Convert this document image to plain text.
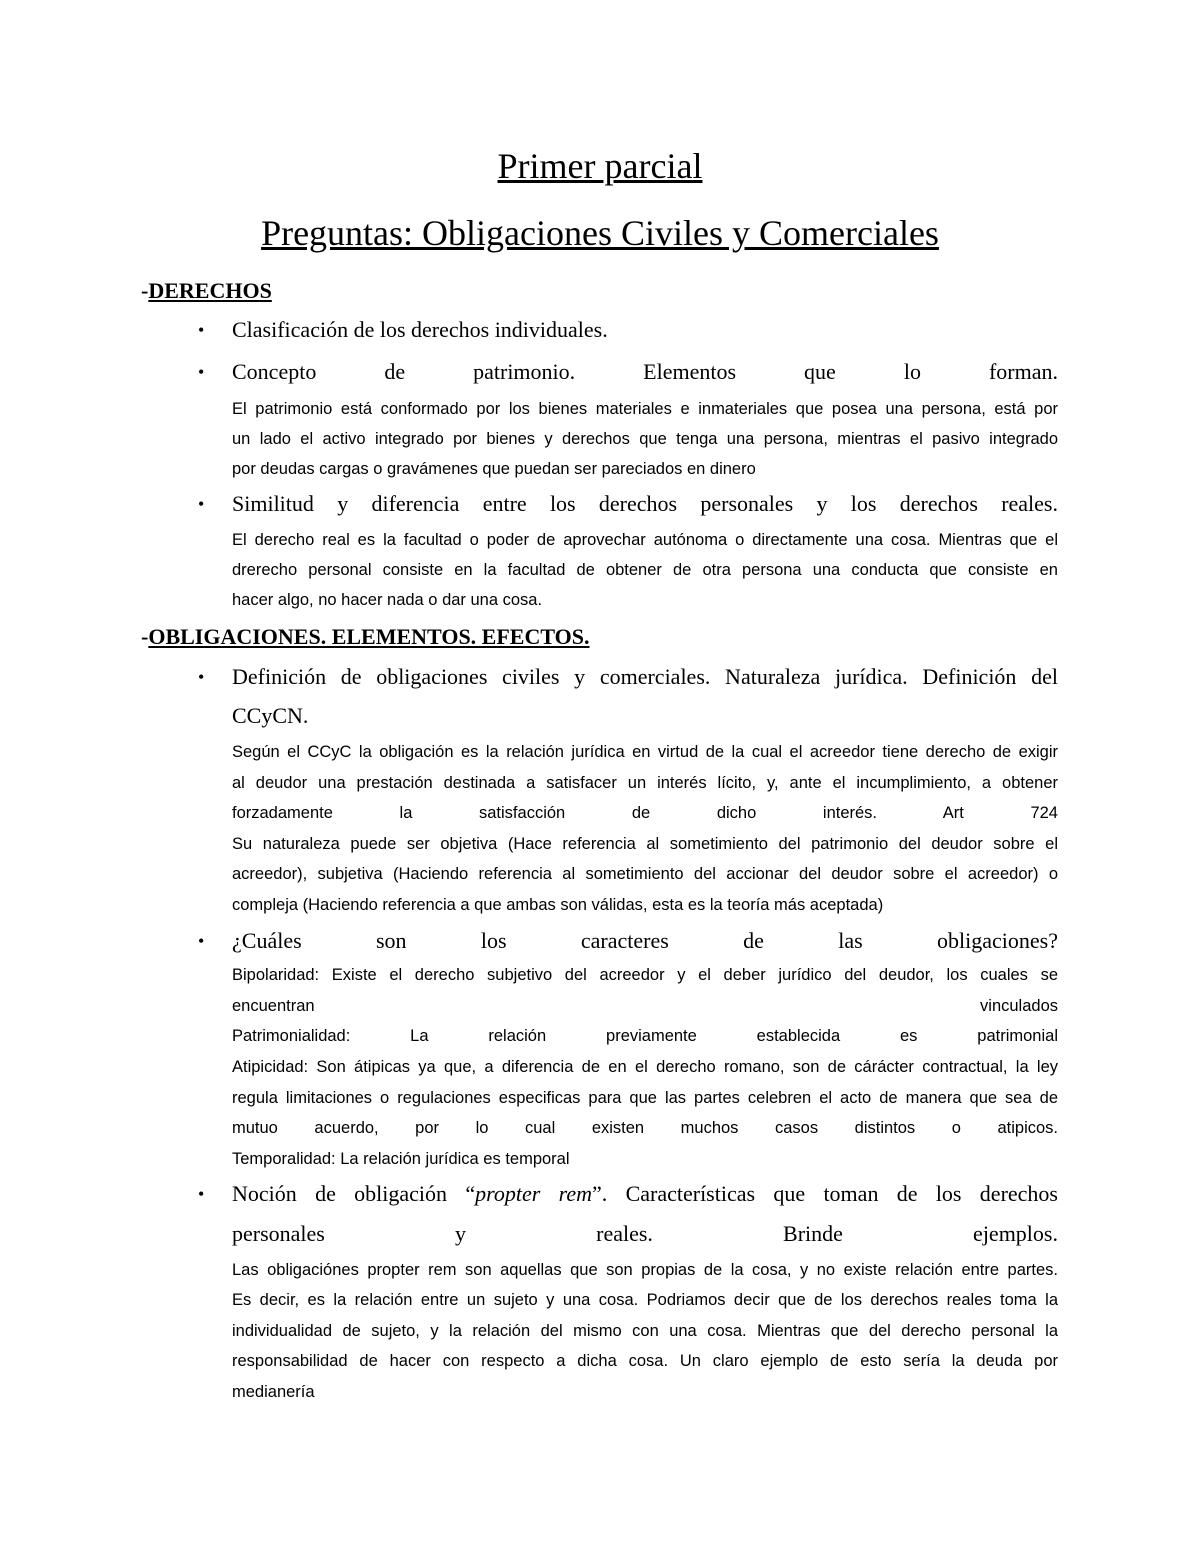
Primer parcial
Preguntas: Obligaciones Civiles y Comerciales
-DERECHOS
• Clasificación de los derechos individuales.
• Concepto de patrimonio. Elementos que lo forman.
El patrimonio está conformado por los bienes materiales e inmateriales que posea una persona, está por
un lado el activo integrado por bienes y derechos que tenga una persona, mientras el pasivo integrado
por deudas cargas o gravámenes que puedan ser pareciados en dinero
• Similitud y diferencia entre los derechos personales y los derechos reales.
El derecho real es la facultad o poder de aprovechar autónoma o directamente una cosa. Mientras que el
drerecho personal consiste en la facultad de obtener de otra persona una conducta que consiste en
hacer algo, no hacer nada o dar una cosa.
-OBLIGACIONES. ELEMENTOS. EFECTOS.
• Definición de obligaciones civiles y comerciales. Naturaleza jurídica. Definición del
CCyCN.
Según el CCyC la obligación es la relación jurídica en virtud de la cual el acreedor tiene derecho de exigir
al deudor una prestación destinada a satisfacer un interés lícito, y, ante el incumplimiento, a obtener
forzadamente la satisfacción de dicho interés. Art 724
Su naturaleza puede ser objetiva (Hace referencia al sometimiento del patrimonio del deudor sobre el
acreedor), subjetiva (Haciendo referencia al sometimiento del accionar del deudor sobre el acreedor) o
compleja (Haciendo referencia a que ambas son válidas, esta es la teoría más aceptada)
• ¿Cuáles son los caracteres de las obligaciones?
Bipolaridad: Existe el derecho subjetivo del acreedor y el deber jurídico del deudor, los cuales se
encuentran	vinculados
Patrimonialidad: La relación previamente establecida es patrimonial
Atipicidad: Son átipicas ya que, a diferencia de en el derecho romano, son de cárácter contractual, la ley
regula limitaciones o regulaciones especificas para que las partes celebren el acto de manera que sea de
mutuo acuerdo, por lo cual existen muchos casos distintos o atipicos.
Temporalidad: La relación jurídica es temporal
• Noción de obligación “propter rem”. Características que toman de los derechos
personales y reales. Brinde ejemplos.
Las obligaciónes propter rem son aquellas que son propias de la cosa, y no existe relación entre partes.
Es decir, es la relación entre un sujeto y una cosa. Podriamos decir que de los derechos reales toma la
individualidad de sujeto, y la relación del mismo con una cosa. Mientras que del derecho personal la
responsabilidad de hacer con respecto a dicha cosa. Un claro ejemplo de esto sería la deuda por
medianería
